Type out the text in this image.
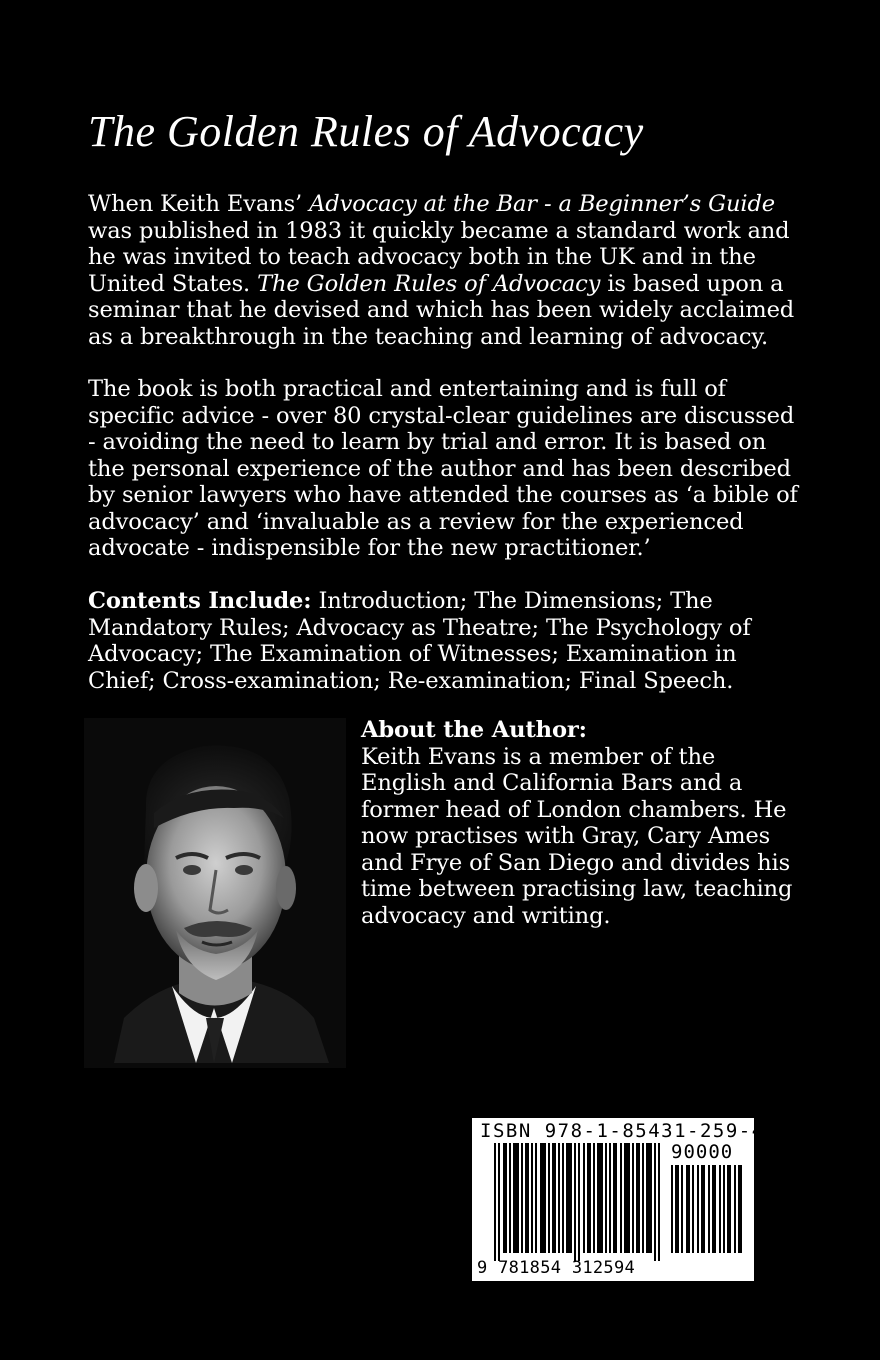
The Golden Rules of Advocacy

When Keith Evans’ Advocacy at the Bar - a Beginner’s Guide was published in 1983 it quickly became a standard work and he was invited to teach advocacy both in the UK and in the United States. The Golden Rules of Advocacy is based upon a seminar that he devised and which has been widely acclaimed as a breakthrough in the teaching and learning of advocacy.

The book is both practical and entertaining and is full of specific advice - over 80 crystal-clear guidelines are discussed - avoiding the need to learn by trial and error. It is based on the personal experience of the author and has been described by senior lawyers who have attended the courses as ‘a bible of advocacy’ and ‘invaluable as a review for the experienced advocate - indispensible for the new practitioner.’

Contents Include: Introduction; The Dimensions; The Mandatory Rules; Advocacy as Theatre; The Psychology of Advocacy; The Examination of Witnesses; Examination in Chief; Cross-examination; Re-examination; Final Speech.

About the Author:
Keith Evans is a member of the English and California Bars and a former head of London chambers. He now practises with Gray, Cary Ames and Frye of San Diego and divides his time between practising law, teaching advocacy and writing.

ISBN 978-1-85431-259-4
90000
9 781854 312594
